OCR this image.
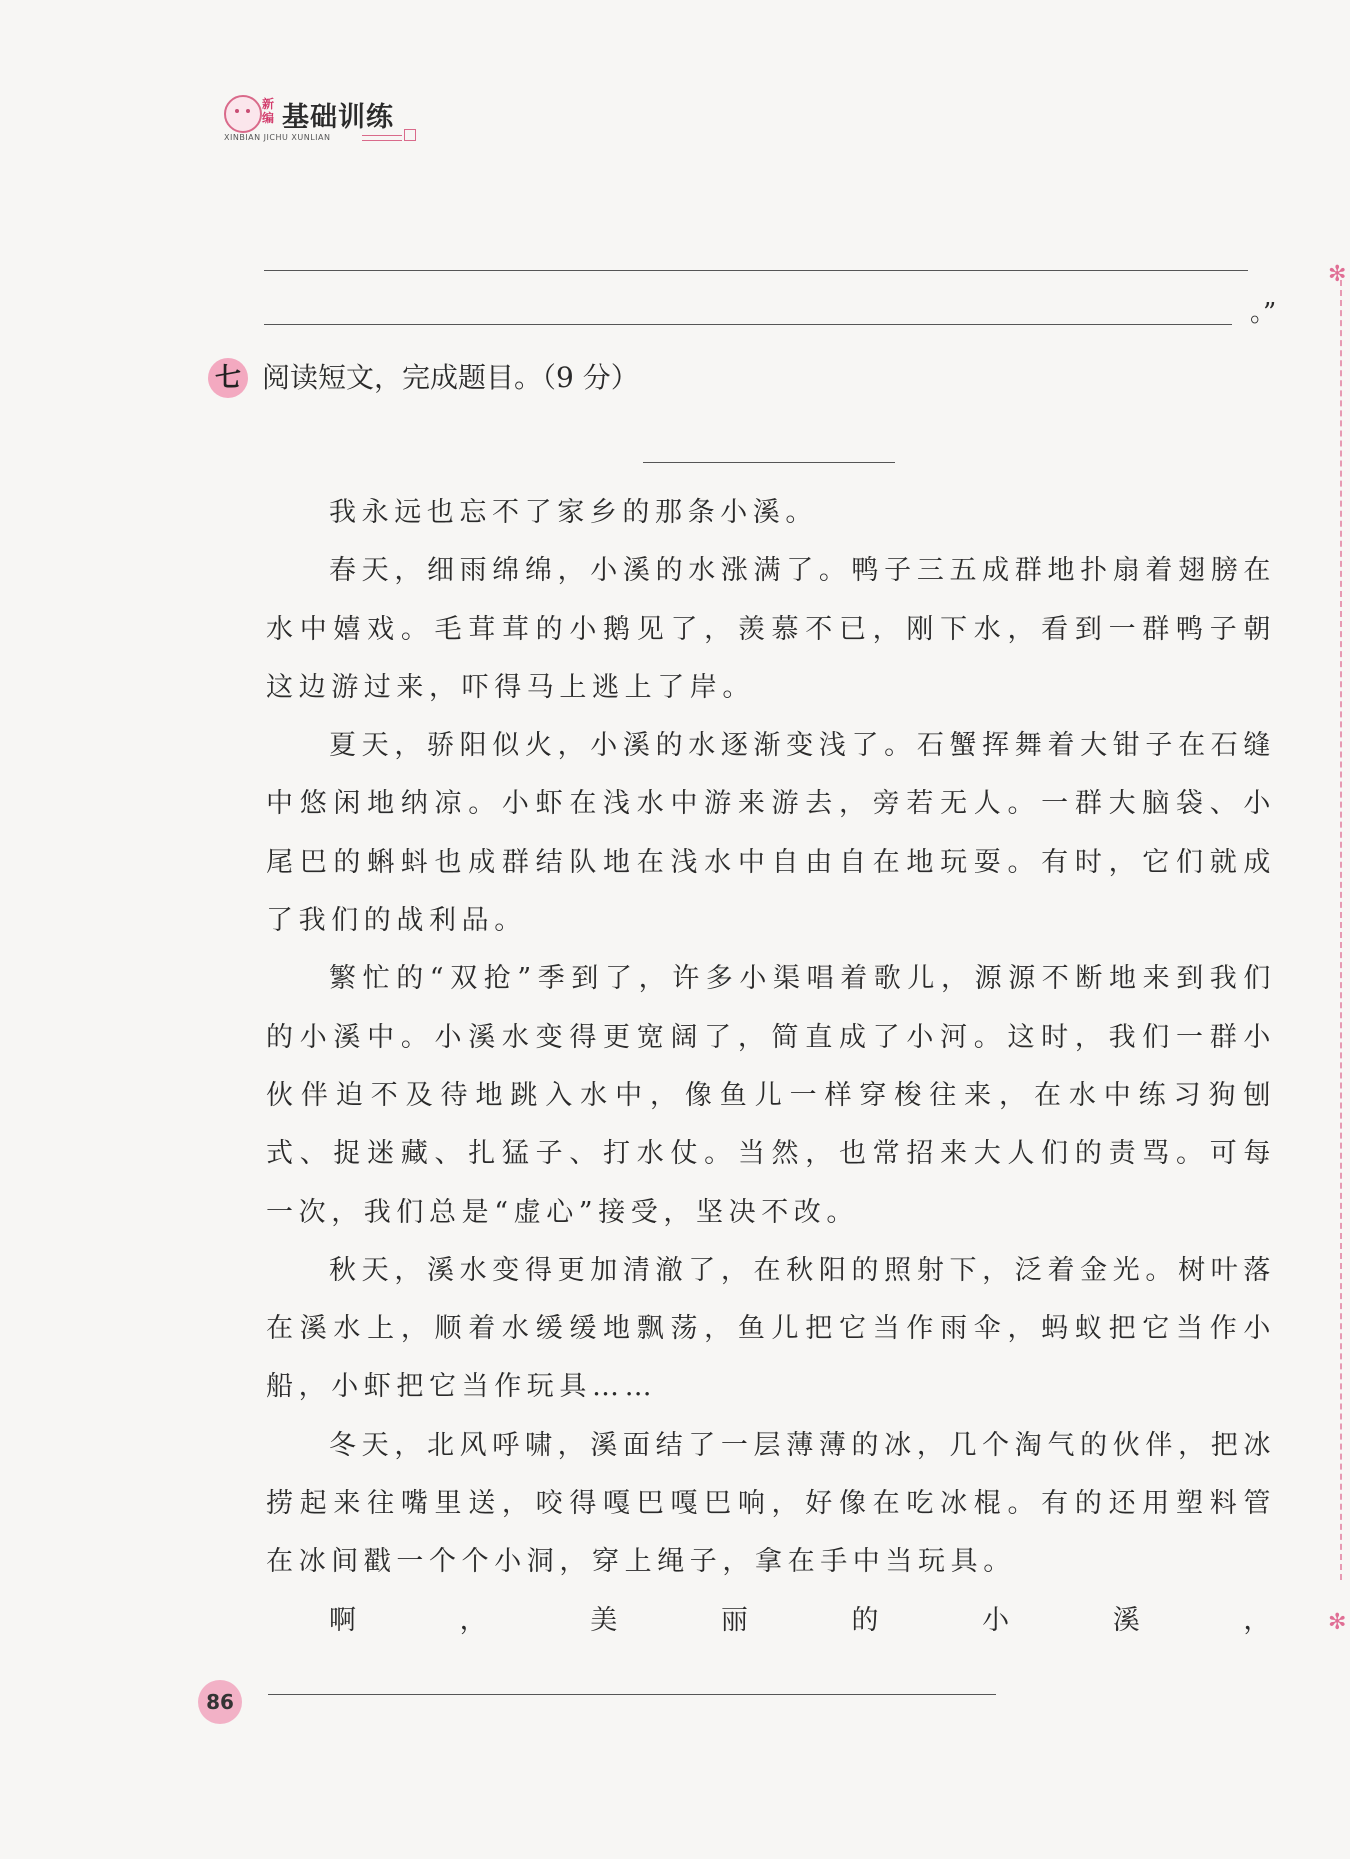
新编 基础训练
XINBIAN JICHU XUNLIAN
✻
✻
。”
七 阅读短文，完成题目。（9 分）

我永远也忘不了家乡的那条小溪。

春天，细雨绵绵，小溪的水涨满了。鸭子三五成群地扑扇着翅膀在水中嬉戏。毛茸茸的小鹅见了，羡慕不已，刚下水，看到一群鸭子朝这边游过来，吓得马上逃上了岸。

夏天，骄阳似火，小溪的水逐渐变浅了。石蟹挥舞着大钳子在石缝中悠闲地纳凉。小虾在浅水中游来游去，旁若无人。一群大脑袋、小尾巴的蝌蚪也成群结队地在浅水中自由自在地玩耍。有时，它们就成了我们的战利品。

繁忙的“双抢”季到了，许多小渠唱着歌儿，源源不断地来到我们的小溪中。小溪水变得更宽阔了，简直成了小河。这时，我们一群小伙伴迫不及待地跳入水中，像鱼儿一样穿梭往来，在水中练习狗刨式、捉迷藏、扎猛子、打水仗。当然，也常招来大人们的责骂。可每一次，我们总是“虚心”接受，坚决不改。

秋天，溪水变得更加清澈了，在秋阳的照射下，泛着金光。树叶落在溪水上，顺着水缓缓地飘荡，鱼儿把它当作雨伞，蚂蚁把它当作小船，小虾把它当作玩具……

冬天，北风呼啸，溪面结了一层薄薄的冰，几个淘气的伙伴，把冰捞起来往嘴里送，咬得嘎巴嘎巴响，好像在吃冰棍。有的还用塑料管在冰间戳一个个小洞，穿上绳子，拿在手中当玩具。

啊，美丽的小溪，

86
